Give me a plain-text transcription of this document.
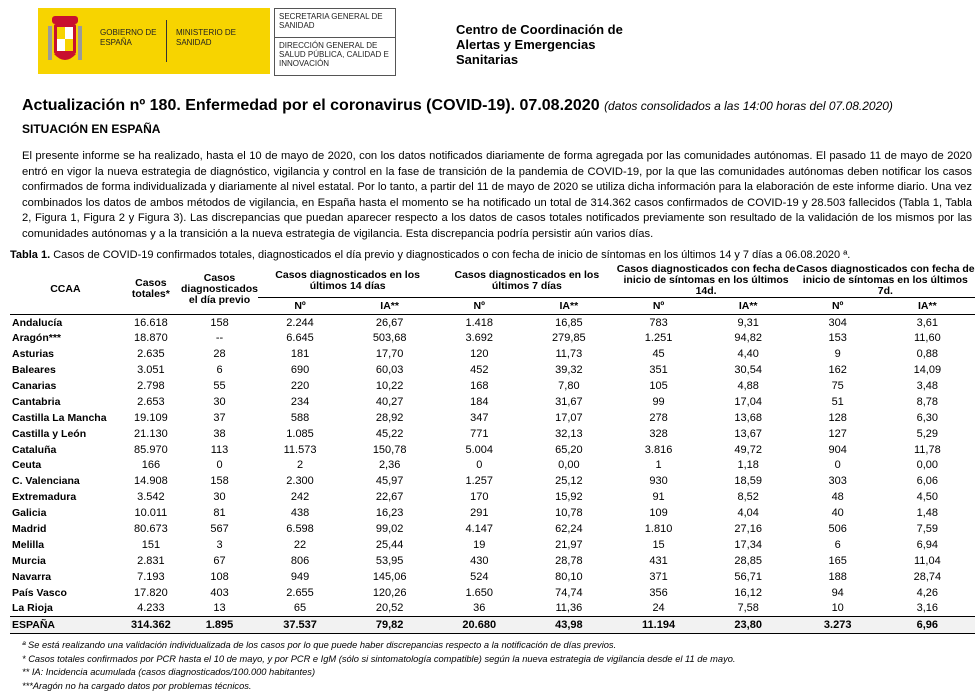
GOBIERNO DE ESPAÑA
MINISTERIO DE SANIDAD
SECRETARIA GENERAL DE SANIDAD
DIRECCIÓN GENERAL DE SALUD PÚBLICA, CALIDAD E INNOVACIÓN
Centro de Coordinación de Alertas y Emergencias Sanitarias
Actualización nº 180. Enfermedad por el coronavirus (COVID-19). 07.08.2020 (datos consolidados a las 14:00 horas del 07.08.2020)
SITUACIÓN EN ESPAÑA
El presente informe se ha realizado, hasta el 10 de mayo de 2020, con los datos notificados diariamente de forma agregada por las comunidades autónomas. El pasado 11 de mayo de 2020 entró en vigor la nueva estrategia de diagnóstico, vigilancia y control en la fase de transición de la pandemia de COVID-19, por la que las comunidades autónomas deben notificar los casos confirmados de forma individualizada y diariamente al nivel estatal. Por lo tanto, a partir del 11 de mayo de 2020 se utiliza dicha información para la elaboración de este informe diario. Una vez combinados los datos de ambos métodos de vigilancia, en España hasta el momento se ha notificado un total de 314.362 casos confirmados de COVID-19 y 28.503 fallecidos (Tabla 1, Tabla 2, Figura 1, Figura 2 y Figura 3). Las discrepancias que puedan aparecer respecto a los datos de casos totales notificados previamente son resultado de la validación de los mismos por las comunidades autónomas y a la transición a la nueva estrategia de vigilancia. Esta discrepancia podría persistir aún varios días.
Tabla 1. Casos de COVID-19 confirmados totales, diagnosticados el día previo y diagnosticados o con fecha de inicio de síntomas en los últimos 14 y 7 días a 06.08.2020 ª.
CCAA	Casos totales*	Casos diagnosticados el día previo	Casos diagnosticados en los últimos 14 días		Casos diagnosticados en los últimos 7 días		Casos diagnosticados con fecha de inicio de síntomas en los últimos 14d.		Casos diagnosticados con fecha de inicio de síntomas en los últimos 7d.	
			Nº	IA**	Nº	IA**	Nº	IA**	Nº	IA**
Andalucía	16.618	158	2.244	26,67	1.418	16,85	783	9,31	304	3,61
Aragón***	18.870	--	6.645	503,68	3.692	279,85	1.251	94,82	153	11,60
Asturias	2.635	28	181	17,70	120	11,73	45	4,40	9	0,88
Baleares	3.051	6	690	60,03	452	39,32	351	30,54	162	14,09
Canarias	2.798	55	220	10,22	168	7,80	105	4,88	75	3,48
Cantabria	2.653	30	234	40,27	184	31,67	99	17,04	51	8,78
Castilla La Mancha	19.109	37	588	28,92	347	17,07	278	13,68	128	6,30
Castilla y León	21.130	38	1.085	45,22	771	32,13	328	13,67	127	5,29
Cataluña	85.970	113	11.573	150,78	5.004	65,20	3.816	49,72	904	11,78
Ceuta	166	0	2	2,36	0	0,00	1	1,18	0	0,00
C. Valenciana	14.908	158	2.300	45,97	1.257	25,12	930	18,59	303	6,06
Extremadura	3.542	30	242	22,67	170	15,92	91	8,52	48	4,50
Galicia	10.011	81	438	16,23	291	10,78	109	4,04	40	1,48
Madrid	80.673	567	6.598	99,02	4.147	62,24	1.810	27,16	506	7,59
Melilla	151	3	22	25,44	19	21,97	15	17,34	6	6,94
Murcia	2.831	67	806	53,95	430	28,78	431	28,85	165	11,04
Navarra	7.193	108	949	145,06	524	80,10	371	56,71	188	28,74
País Vasco	17.820	403	2.655	120,26	1.650	74,74	356	16,12	94	4,26
La Rioja	4.233	13	65	20,52	36	11,36	24	7,58	10	3,16
ESPAÑA	314.362	1.895	37.537	79,82	20.680	43,98	11.194	23,80	3.273	6,96
ª Se está realizando una validación individualizada de los casos por lo que puede haber discrepancias respecto a la notificación de días previos.
* Casos totales confirmados por PCR hasta el 10 de mayo, y por PCR e IgM (sólo si sintomatología compatible) según la nueva estrategia de vigilancia desde el 11 de mayo.
** IA: Incidencia acumulada (casos diagnosticados/100.000 habitantes)
***Aragón no ha cargado datos por problemas técnicos.
